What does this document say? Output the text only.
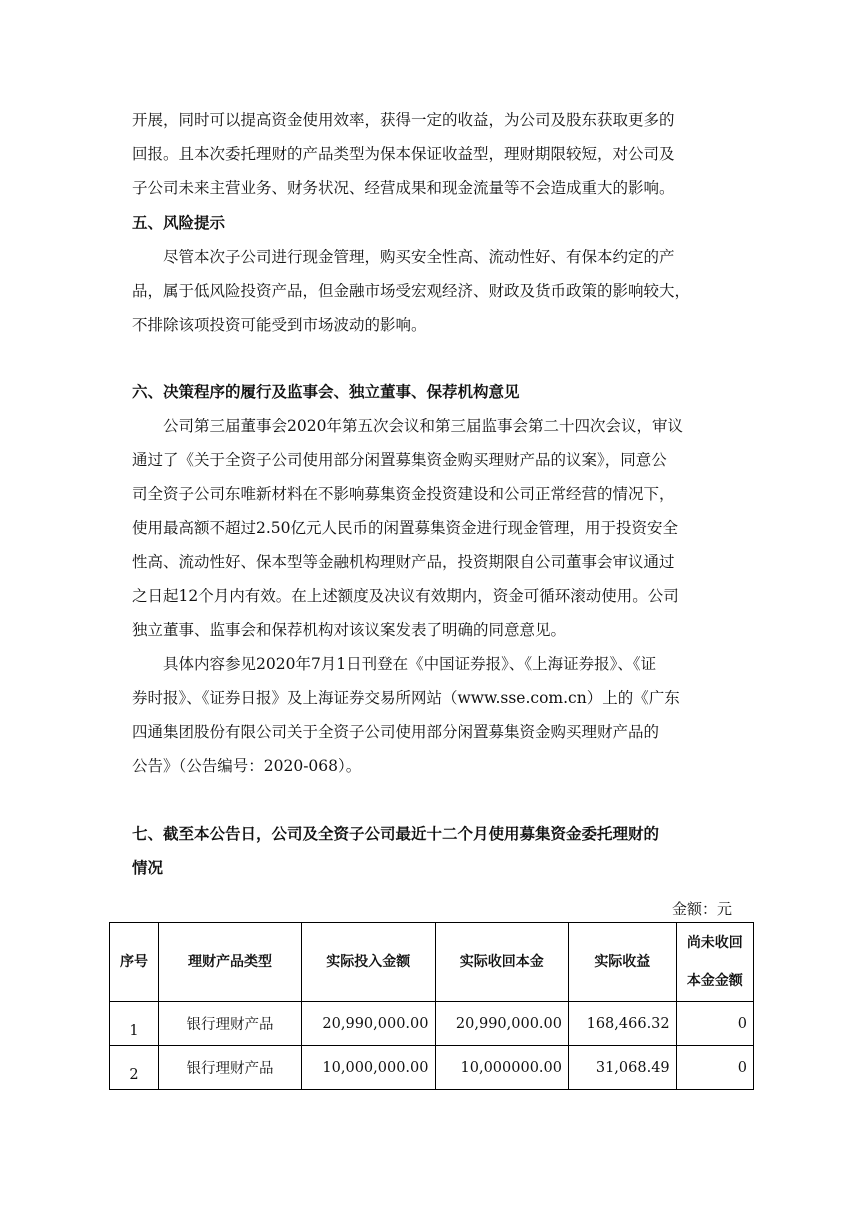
开展，同时可以提高资金使用效率，获得一定的收益，为公司及股东获取更多的
回报。且本次委托理财的产品类型为保本保证收益型，理财期限较短，对公司及
子公司未来主营业务、财务状况、经营成果和现金流量等不会造成重大的影响。
五、风险提示
尽管本次子公司进行现金管理，购买安全性高、流动性好、有保本约定的产
品，属于低风险投资产品，但金融市场受宏观经济、财政及货币政策的影响较大，
不排除该项投资可能受到市场波动的影响。
六、决策程序的履行及监事会、独立董事、保荐机构意见
公司第三届董事会2020年第五次会议和第三届监事会第二十四次会议，审议
通过了《关于全资子公司使用部分闲置募集资金购买理财产品的议案》，同意公
司全资子公司东唯新材料在不影响募集资金投资建设和公司正常经营的情况下，
使用最高额不超过2.50亿元人民币的闲置募集资金进行现金管理，用于投资安全
性高、流动性好、保本型等金融机构理财产品，投资期限自公司董事会审议通过
之日起12个月内有效。在上述额度及决议有效期内，资金可循环滚动使用。公司
独立董事、监事会和保荐机构对该议案发表了明确的同意意见。
具体内容参见2020年7月1日刊登在《中国证券报》、《上海证券报》、《证
券时报》、《证券日报》及上海证券交易所网站（www.sse.com.cn）上的《广东
四通集团股份有限公司关于全资子公司使用部分闲置募集资金购买理财产品的
公告》（公告编号：2020-068）。
七、截至本公告日，公司及全资子公司最近十二个月使用募集资金委托理财的
情况
金额：元
序号	理财产品类型	实际投入金额	实际收回本金	实际收益	尚未收回
本金金额

1	银行理财产品	20,990,000.00	20,990,000.00	168,466.32	0
2	银行理财产品	10,000,000.00	10,000000.00	31,068.49	0
